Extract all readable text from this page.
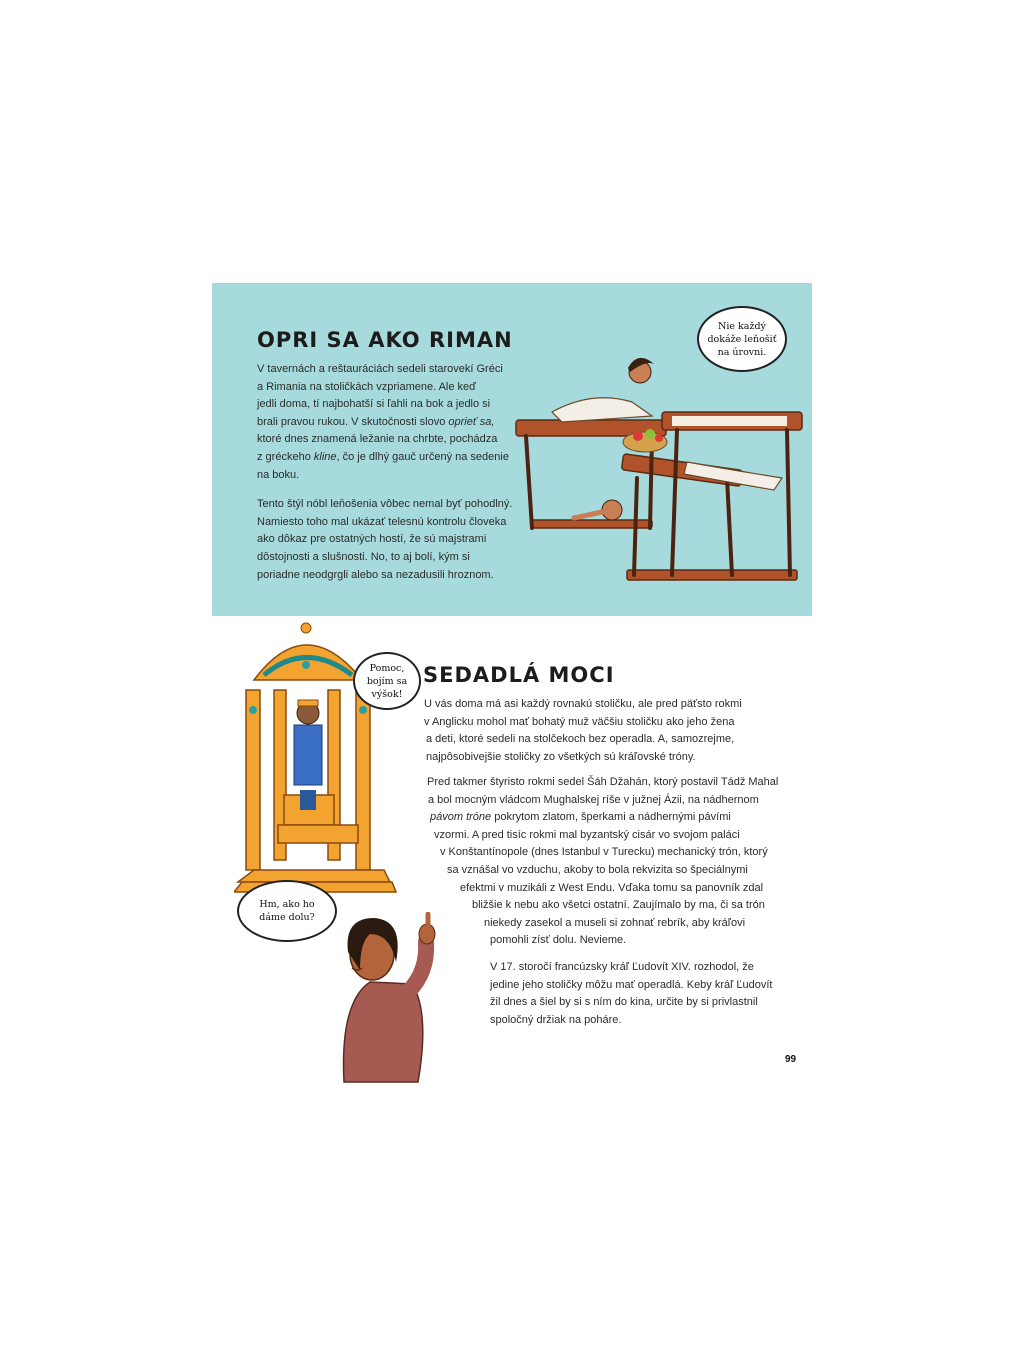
OPRI SA AKO RIMAN

V tavernách a reštauráciách sedeli starovekí Gréci
a Rimania na stoličkách vzpriamene. Ale keď
jedli doma, tí najbohatší si ľahli na bok a jedlo si
brali pravou rukou. V skutočnosti slovo oprieť sa,
ktoré dnes znamená ležanie na chrbte, pochádza
z gréckeho kline, čo je dlhý gauč určený na sedenie
na boku.

Tento štýl nóbl leňošenia vôbec nemal byť pohodlný.
Namiesto toho mal ukázať telesnú kontrolu človeka
ako dôkaz pre ostatných hostí, že sú majstrami
dôstojnosti a slušnosti. No, to aj bolí, kým si
poriadne neodgrgli alebo sa nezadusili hroznom.

Nie každý
dokáže leňošiť
na úrovni.
SEDADLÁ MOCI

U vás doma má asi každý rovnakú stoličku, ale pred päťsto rokmi
v Anglicku mohol mať bohatý muž väčšiu stoličku ako jeho žena
a deti, ktoré sedeli na stolčekoch bez operadla. A, samozrejme,
najpôsobivejšie stoličky zo všetkých sú kráľovské tróny.

Pred takmer štyristo rokmi sedel Šáh Džahán, ktorý postavil Tádž Mahal
a bol mocným vládcom Mughalskej ríše v južnej Ázii, na nádhernom
pávom tróne pokrytom zlatom, šperkami a nádhernými pávími
vzormi. A pred tisíc rokmi mal byzantský cisár vo svojom paláci
v Konštantínopole (dnes Istanbul v Turecku) mechanický trón, ktorý
sa vznášal vo vzduchu, akoby to bola rekvizita so špeciálnymi
efektmi v muzikáli z West Endu. Vďaka tomu sa panovník zdal
bližšie k nebu ako všetci ostatní. Zaujímalo by ma, či sa trón
niekedy zasekol a museli si zohnať rebrík, aby kráľovi
pomohli zísť dolu. Nevieme.

V 17. storočí francúzsky kráľ Ľudovít XIV. rozhodol, že
jedine jeho stoličky môžu mať operadlá. Keby kráľ Ľudovít
žil dnes a šiel by si s ním do kina, určite by si privlastnil
spoločný držiak na poháre.

Pomoc,
bojím sa
výšok!
Hm, ako ho
dáme dolu?
99
